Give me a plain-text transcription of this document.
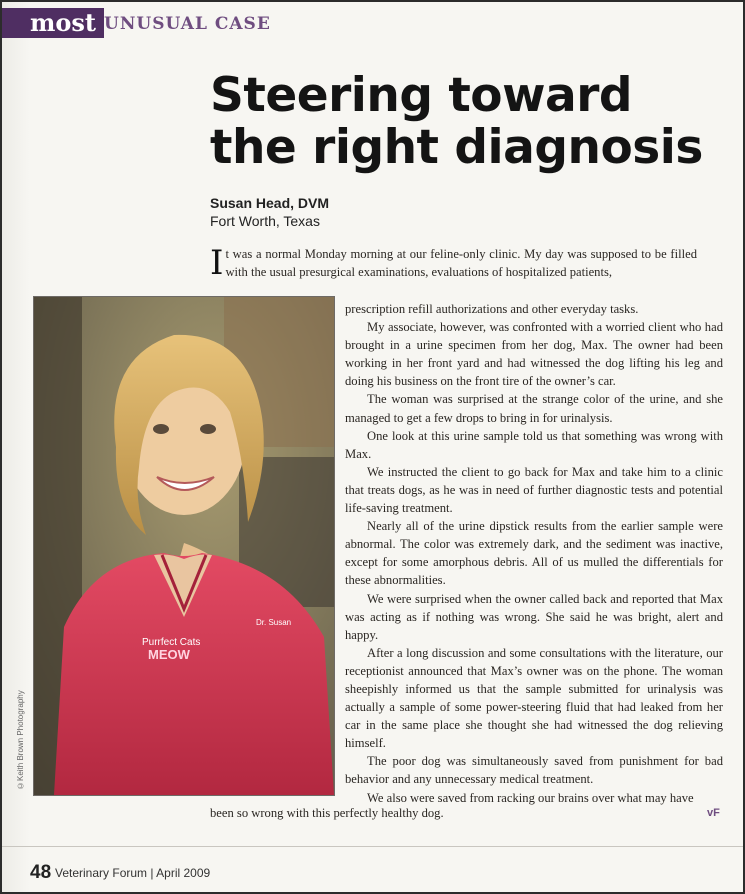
most UNUSUAL CASE
Steering toward
the right diagnosis
Susan Head, DVM
Fort Worth, Texas
It was a normal Monday morning at our feline-only clinic. My day was supposed to be filled with the usual presurgical examinations, evaluations of hospitalized patients,
Purrfect Cats
MEOW
Dr. Susan
©Keith Brown Photography

prescription refill authorizations and other everyday tasks.

My associate, however, was confronted with a worried client who had brought in a urine specimen from her dog, Max. The owner had been working in her front yard and had witnessed the dog lifting his leg and doing his business on the front tire of the owner’s car.

The woman was surprised at the strange color of the urine, and she managed to get a few drops to bring in for urinalysis.

One look at this urine sample told us that something was wrong with Max.

We instructed the client to go back for Max and take him to a clinic that treats dogs, as he was in need of further diagnostic tests and potential life-saving treatment.

Nearly all of the urine dipstick results from the earlier sample were abnormal. The color was extremely dark, and the sediment was inactive, except for some amorphous debris. All of us mulled the differentials for these abnormalities.

We were surprised when the owner called back and reported that Max was acting as if nothing was wrong. She said he was bright, alert and happy.

After a long discussion and some consultations with the literature, our receptionist announced that Max’s owner was on the phone. The woman sheepishly informed us that the sample submitted for urinalysis was actually a sample of some power-steering fluid that had leaked from her car in the same place she thought she had witnessed the dog relieving himself.

The poor dog was simultaneously saved from punishment for bad behavior and any unnecessary medical treatment.

We also were saved from racking our brains over what may have

been so wrong with this perfectly healthy dog.	vF
48 Veterinary Forum | April 2009
